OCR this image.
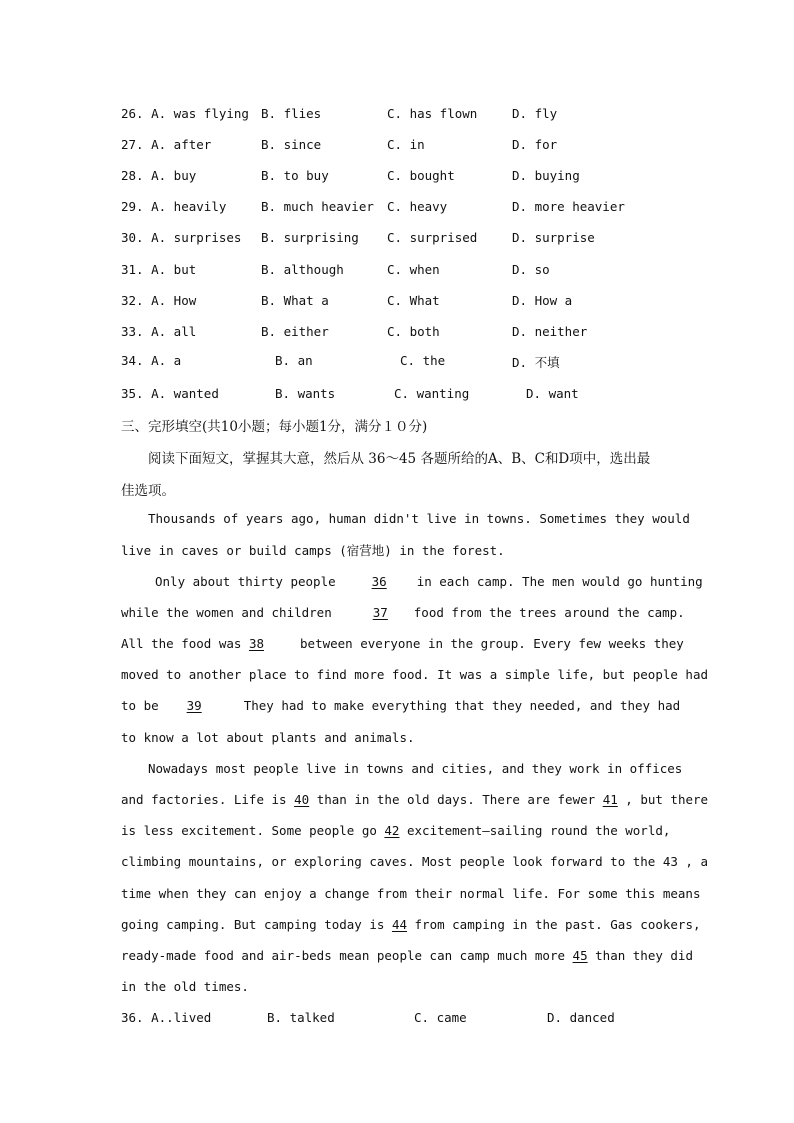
26. A. was flying B. flies	C. has flown	D. fly
27. A. after	B. since	C. in	D. for
28. A. buy	B. to buy	C. bought	D. buying
29. A. heavily	B. much heavier C. heavy	D. more heavier
30. A. surprises B. surprising C. surprised	D. surprise
31. A. but	B. although	C. when	D. so
32. A. How	B. What a	C. What	D. How a
33. A. all	B. either	C. both	D. neither
34. A. a	B. an	C. the	D. 不填
35. A. wanted	B. wants	C. wanting	D. want
三、完形填空(共10小题；每小题1分，满分１０分)
阅读下面短文，掌握其大意，然后从 36～45 各题所给的A、B、C和D项中，选出最
佳选项。
Thousands of years ago, human didn't live in towns. Sometimes they would
live in caves or build camps (宿营地) in the forest.
Only about thirty people	36 in each camp. The men would go hunting
while the women and children	37 food from the trees around the camp.
All the food was 38	between everyone in the group. Every few weeks they
moved to another place to find more food. It was a simple life, but people had
to be 39	They had to make everything that they needed, and they had
to know a lot about plants and animals.
Nowadays most people live in towns and cities, and they work in offices
and factories. Life is 40 than in the old days. There are fewer 41 , but there
is less excitement. Some people go 42 excitement—sailing round the world,
climbing mountains, or exploring caves. Most people look forward to the 43 , a
time when they can enjoy a change from their normal life. For some this means
going camping. But camping today is 44 from camping in the past. Gas cookers,
ready-made food and air-beds mean people can camp much more 45 than they did
in the old times.
36. A..lived	B. talked	C. came	D. danced
